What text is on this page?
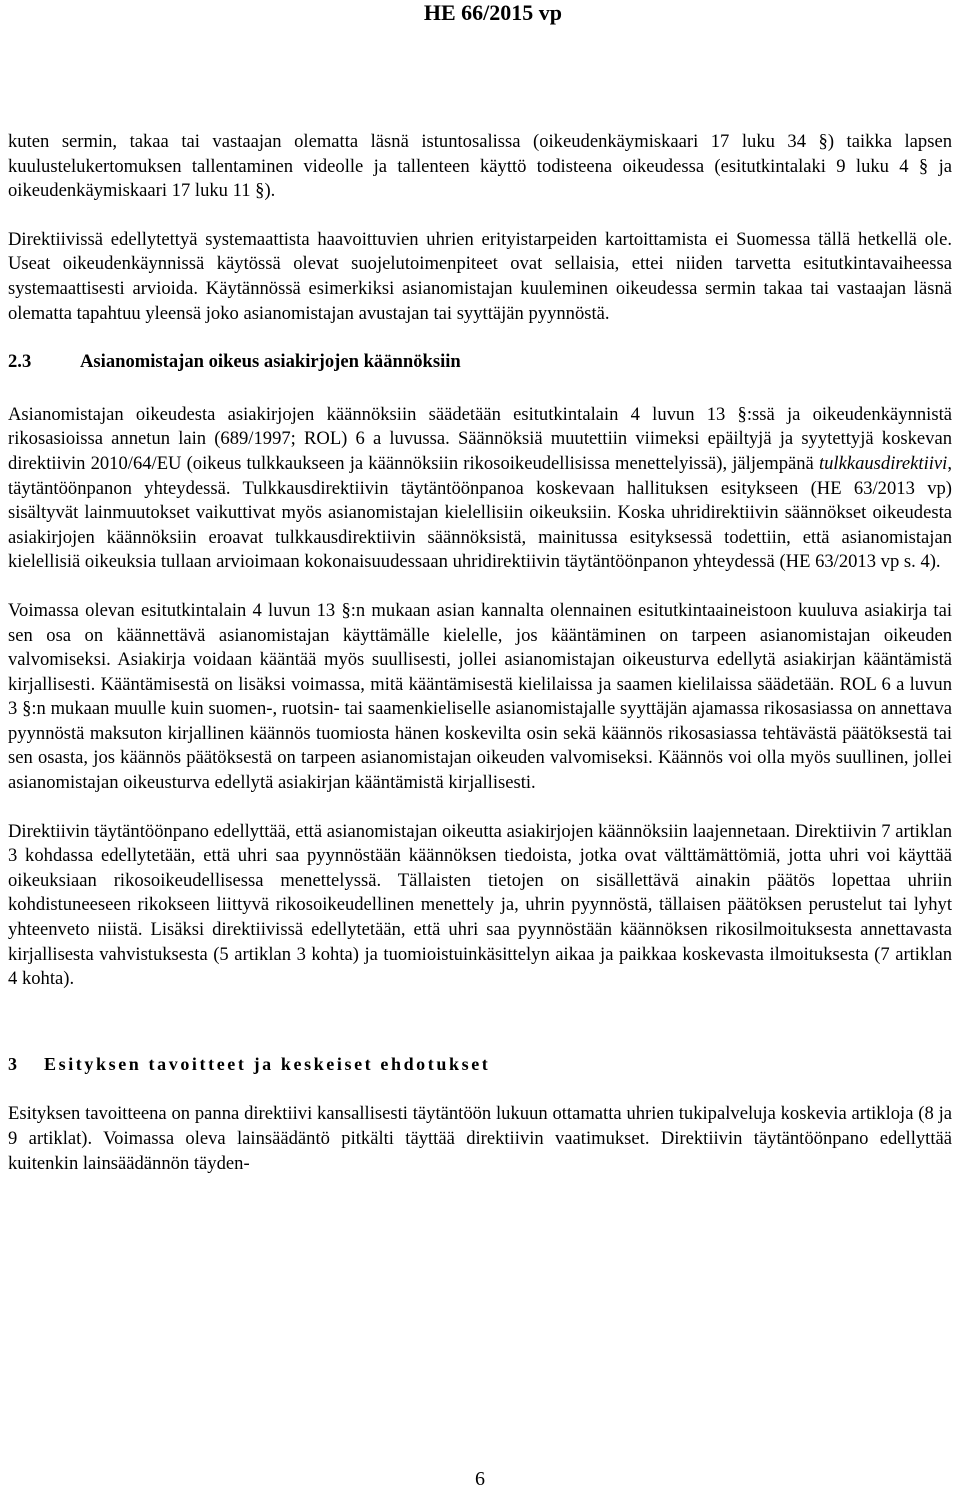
HE 66/2015 vp

kuten sermin, takaa tai vastaajan olematta läsnä istuntosalissa (oikeudenkäymiskaari 17 luku 34 §) taikka lapsen kuulustelukertomuksen tallentaminen videolle ja tallenteen käyttö todisteena oikeudessa (esitutkintalaki 9 luku 4 § ja oikeudenkäymiskaari 17 luku 11 §).

Direktiivissä edellytettyä systemaattista haavoittuvien uhrien erityistarpeiden kartoittamista ei Suomessa tällä hetkellä ole. Useat oikeudenkäynnissä käytössä olevat suojelutoimenpiteet ovat sellaisia, ettei niiden tarvetta esitutkintavaiheessa systemaattisesti arvioida. Käytännössä esimerkiksi asianomistajan kuuleminen oikeudessa sermin takaa tai vastaajan läsnä olematta tapahtuu yleensä joko asianomistajan avustajan tai syyttäjän pyynnöstä.

2.3	Asianomistajan oikeus asiakirjojen käännöksiin

Asianomistajan oikeudesta asiakirjojen käännöksiin säädetään esitutkintalain 4 luvun 13 §:ssä ja oikeudenkäynnistä rikosasioissa annetun lain (689/1997; ROL) 6 a luvussa. Säännöksiä muutettiin viimeksi epäiltyjä ja syytettyjä koskevan direktiivin 2010/64/EU (oikeus tulkkaukseen ja käännöksiin rikosoikeudellisissa menettelyissä), jäljempänä tulkkausdirektiivi, täytäntöönpanon yhteydessä. Tulkkausdirektiivin täytäntöönpanoa koskevaan hallituksen esitykseen (HE 63/2013 vp) sisältyvät lainmuutokset vaikuttivat myös asianomistajan kielellisiin oikeuksiin. Koska uhridirektiivin säännökset oikeudesta asiakirjojen käännöksiin eroavat tulkkausdirektiivin säännöksistä, mainitussa esityksessä todettiin, että asianomistajan kielellisiä oikeuksia tullaan arvioimaan kokonaisuudessaan uhridirektiivin täytäntöönpanon yhteydessä (HE 63/2013 vp s. 4).

Voimassa olevan esitutkintalain 4 luvun 13 §:n mukaan asian kannalta olennainen esitutkintaaineistoon kuuluva asiakirja tai sen osa on käännettävä asianomistajan käyttämälle kielelle, jos kääntäminen on tarpeen asianomistajan oikeuden valvomiseksi. Asiakirja voidaan kääntää myös suullisesti, jollei asianomistajan oikeusturva edellytä asiakirjan kääntämistä kirjallisesti. Kääntämisestä on lisäksi voimassa, mitä kääntämisestä kielilaissa ja saamen kielilaissa säädetään. ROL 6 a luvun 3 §:n mukaan muulle kuin suomen-, ruotsin- tai saamenkieliselle asianomistajalle syyttäjän ajamassa rikosasiassa on annettava pyynnöstä maksuton kirjallinen käännös tuomiosta hänen koskevilta osin sekä käännös rikosasiassa tehtävästä päätöksestä tai sen osasta, jos käännös päätöksestä on tarpeen asianomistajan oikeuden valvomiseksi. Käännös voi olla myös suullinen, jollei asianomistajan oikeusturva edellytä asiakirjan kääntämistä kirjallisesti.

Direktiivin täytäntöönpano edellyttää, että asianomistajan oikeutta asiakirjojen käännöksiin laajennetaan. Direktiivin 7 artiklan 3 kohdassa edellytetään, että uhri saa pyynnöstään käännöksen tiedoista, jotka ovat välttämättömiä, jotta uhri voi käyttää oikeuksiaan rikosoikeudellisessa menettelyssä. Tällaisten tietojen on sisällettävä ainakin päätös lopettaa uhriin kohdistuneeseen rikokseen liittyvä rikosoikeudellinen menettely ja, uhrin pyynnöstä, tällaisen päätöksen perustelut tai lyhyt yhteenveto niistä. Lisäksi direktiivissä edellytetään, että uhri saa pyynnöstään käännöksen rikosilmoituksesta annettavasta kirjallisesta vahvistuksesta (5 artiklan 3 kohta) ja tuomioistuinkäsittelyn aikaa ja paikkaa koskevasta ilmoituksesta (7 artiklan 4 kohta).

3 Esityksen tavoitteet ja keskeiset ehdotukset

Esityksen tavoitteena on panna direktiivi kansallisesti täytäntöön lukuun ottamatta uhrien tukipalveluja koskevia artikloja (8 ja 9 artiklat). Voimassa oleva lainsäädäntö pitkälti täyttää direktiivin vaatimukset. Direktiivin täytäntöönpano edellyttää kuitenkin lainsäädännön täyden-

6
